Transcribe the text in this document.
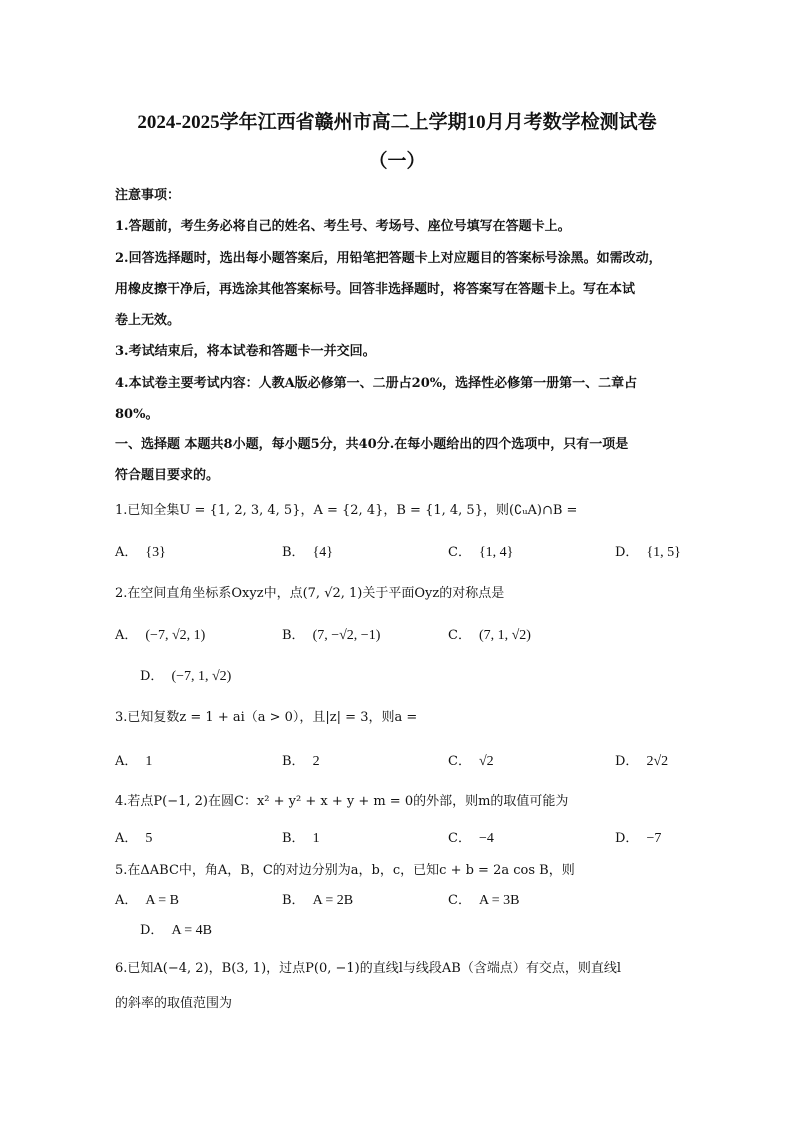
2024-2025学年江西省赣州市高二上学期10月月考数学检测试卷
（一）
注意事项：
1.答题前，考生务必将自己的姓名、考生号、考场号、座位号填写在答题卡上。
2.回答选择题时，选出每小题答案后，用铅笔把答题卡上对应题目的答案标号涂黑。如需改动，
用橡皮擦干净后，再选涂其他答案标号。回答非选择题时，将答案写在答题卡上。写在本试
卷上无效。
3.考试结束后，将本试卷和答题卡一并交回。
4.本试卷主要考试内容：人教A版必修第一、二册占20%，选择性必修第一册第一、二章占
80%。
一、选择题 本题共8小题，每小题5分，共40分.在每小题给出的四个选项中，只有一项是
符合题目要求的。
1.已知全集U = {1, 2, 3, 4, 5}，A = {2, 4}，B = {1, 4, 5}，则(∁ᵤA)∩B =
A． {3}	B． {4}	C． {1, 4}	D． {1, 5}
2.在空间直角坐标系Oxyz中，点(7, √2, 1)关于平面Oyz的对称点是
A． (−7, √2, 1)	B． (7, −√2, −1)	C． (7, 1, √2)
D． (−7, 1, √2)
3.已知复数z = 1 + ai（a > 0），且|z| = 3，则a =
A． 1	B． 2	C． √2	D． 2√2
4.若点P(−1, 2)在圆C：x² + y² + x + y + m = 0的外部，则m的取值可能为
A． 5	B． 1	C． −4	D． −7
5.在ΔABC中，角A，B，C的对边分别为a，b，c，已知c + b = 2a cos B，则
A． A = B	B． A = 2B	C． A = 3B
D． A = 4B
6.已知A(−4, 2)，B(3, 1)，过点P(0, −1)的直线l与线段AB（含端点）有交点，则直线l
的斜率的取值范围为
